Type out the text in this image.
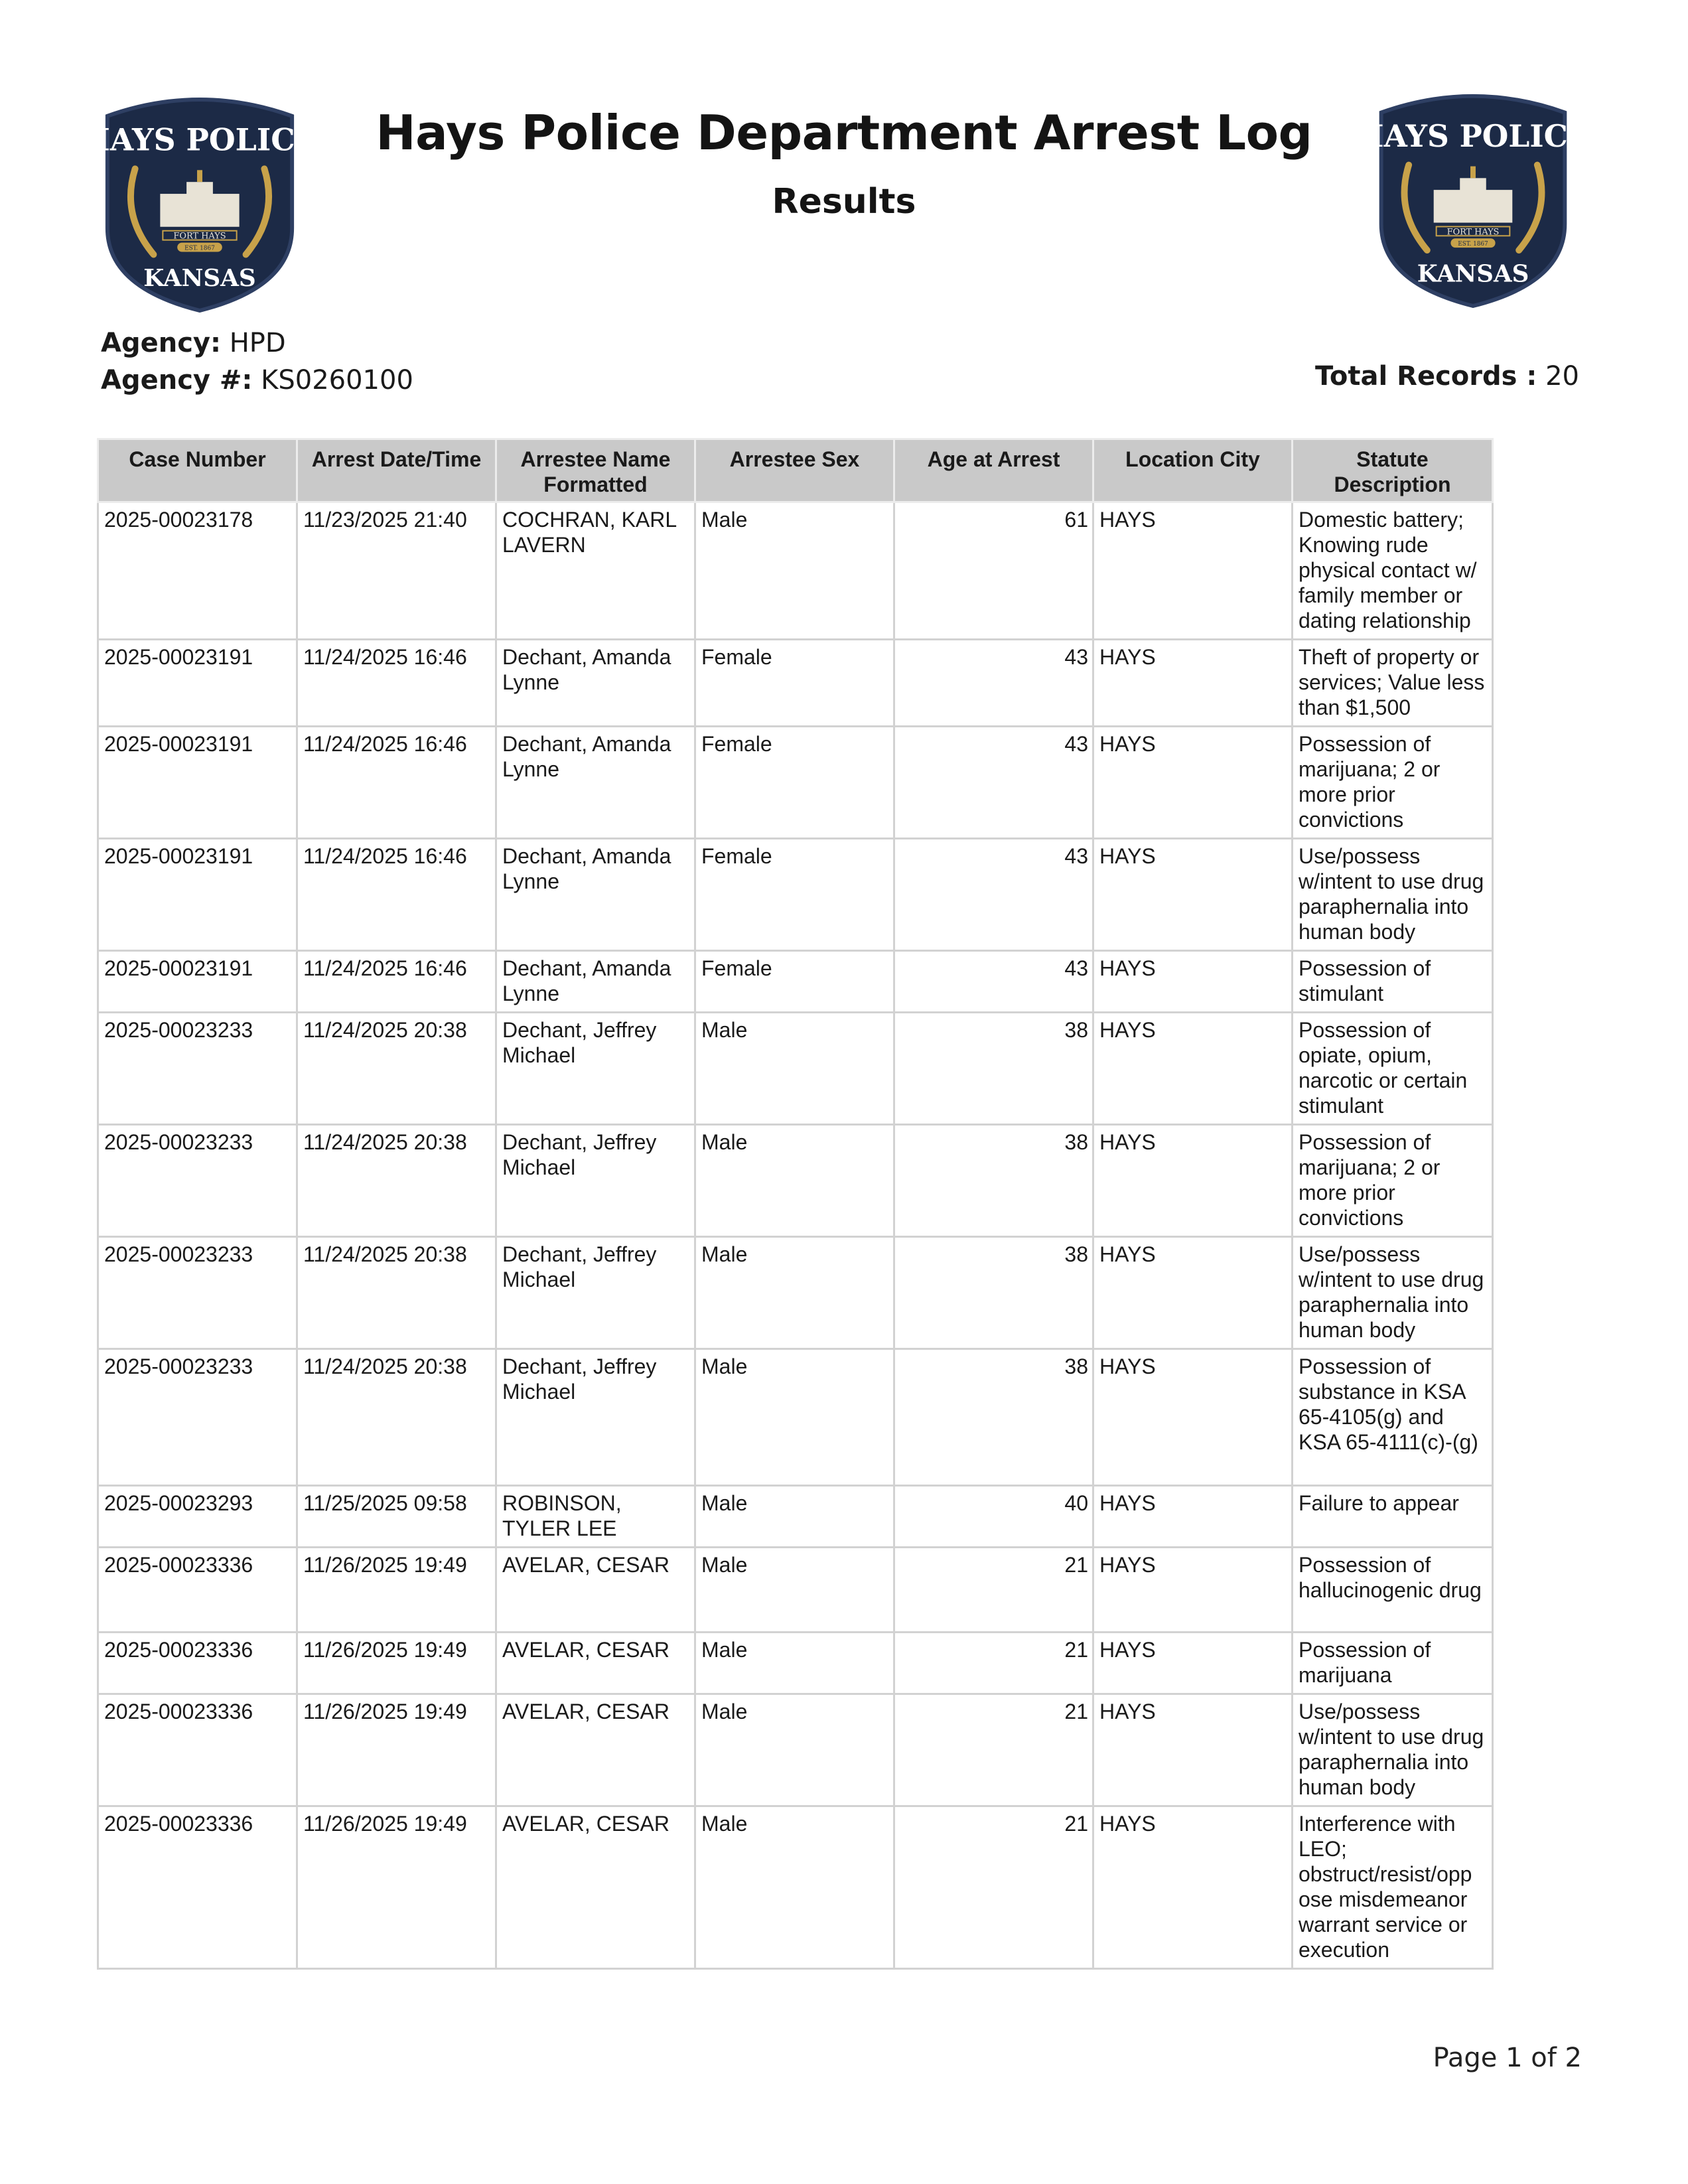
HAYS POLICE
FORT HAYS
EST. 1867
KANSAS
HAYS POLICE
FORT HAYS
EST. 1867
KANSAS
Hays Police Department Arrest Log
Results
Agency: HPD
Agency #: KS0260100	Total Records : 20
Case Number	Arrest Date/Time	Arrestee Name Formatted	Arrestee Sex	Age at Arrest	Location City	Statute Description
2025-00023178	11/23/2025 21:40	COCHRAN, KARL LAVERN	Male	61	HAYS	Domestic battery; Knowing rude physical contact w/ family member or dating relationship
2025-00023191	11/24/2025 16:46	Dechant, Amanda Lynne	Female	43	HAYS	Theft of property or services; Value less than $1,500
2025-00023191	11/24/2025 16:46	Dechant, Amanda Lynne	Female	43	HAYS	Possession of marijuana; 2 or more prior convictions
2025-00023191	11/24/2025 16:46	Dechant, Amanda Lynne	Female	43	HAYS	Use/possess w/intent to use drug paraphernalia into human body
2025-00023191	11/24/2025 16:46	Dechant, Amanda Lynne	Female	43	HAYS	Possession of stimulant
2025-00023233	11/24/2025 20:38	Dechant, Jeffrey Michael	Male	38	HAYS	Possession of opiate, opium, narcotic or certain stimulant
2025-00023233	11/24/2025 20:38	Dechant, Jeffrey Michael	Male	38	HAYS	Possession of marijuana; 2 or more prior convictions
2025-00023233	11/24/2025 20:38	Dechant, Jeffrey Michael	Male	38	HAYS	Use/possess w/intent to use drug paraphernalia into human body
2025-00023233	11/24/2025 20:38	Dechant, Jeffrey Michael	Male	38	HAYS	Possession of substance in KSA 65-4105(g) and KSA 65-4111(c)-(g)
2025-00023293	11/25/2025 09:58	ROBINSON, TYLER LEE	Male	40	HAYS	Failure to appear
2025-00023336	11/26/2025 19:49	AVELAR, CESAR	Male	21	HAYS	Possession of hallucinogenic drug
2025-00023336	11/26/2025 19:49	AVELAR, CESAR	Male	21	HAYS	Possession of marijuana
2025-00023336	11/26/2025 19:49	AVELAR, CESAR	Male	21	HAYS	Use/possess w/intent to use drug paraphernalia into human body
2025-00023336	11/26/2025 19:49	AVELAR, CESAR	Male	21	HAYS	Interference with LEO; obstruct/resist/opp ose misdemeanor warrant service or execution
Page 1 of 2
